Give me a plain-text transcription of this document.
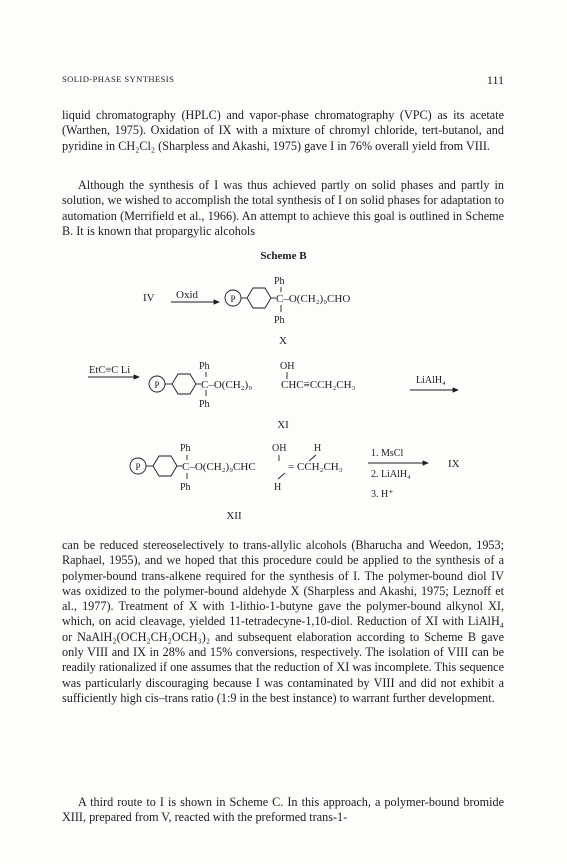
SOLID-PHASE SYNTHESIS	111

liquid chromatography (HPLC) and vapor-phase chromatography (VPC) as its acetate (Warthen, 1975). Oxidation of IX with a mixture of chromyl chloride, tert-butanol, and pyridine in CH₂Cl₂ (Sharpless and Akashi, 1975) gave I in 76% overall yield from VIII.

Although the synthesis of I was thus achieved partly on solid phases and partly in solution, we wished to accomplish the total synthesis of I on solid phases for adaptation to automation (Merrifield et al., 1966). An attempt to achieve this goal is outlined in Scheme B. It is known that propargylic alcohols

Scheme B
IV Oxid	P
Ph
C–O(CH₂)₉CHO
Ph
X
EtC≡C Li
P
Ph	OH
C–O(CH₂)₉	CHC≡CCH₂CH₃
Ph
LiAlH₄
XI
P
Ph	OH	H
C–O(CH₂)₉CHC	= CCH₂CH₃
Ph	H
1. MsCl
2. LiAlH₄
3. H⁺
IX
XII

can be reduced stereoselectively to trans-allylic alcohols (Bharucha and Weedon, 1953; Raphael, 1955), and we hoped that this procedure could be applied to the synthesis of a polymer-bound trans-alkene required for the synthesis of I. The polymer-bound diol IV was oxidized to the polymer-bound aldehyde X (Sharpless and Akashi, 1975; Leznoff et al., 1977). Treatment of X with 1-lithio-1-butyne gave the polymer-bound alkynol XI, which, on acid cleavage, yielded 11-tetradecyne-1,10-diol. Reduction of XI with LiAlH₄ or NaAlH₂(OCH₂CH₂OCH₃)₂ and subsequent elaboration according to Scheme B gave only VIII and IX in 28% and 15% conversions, respectively. The isolation of VIII can be readily rationalized if one assumes that the reduction of XI was incomplete. This sequence was particularly discouraging because I was contaminated by VIII and did not exhibit a sufficiently high cis–trans ratio (1:9 in the best instance) to warrant further development.

A third route to I is shown in Scheme C. In this approach, a polymer-bound bromide XIII, prepared from V, reacted with the preformed trans-1-
